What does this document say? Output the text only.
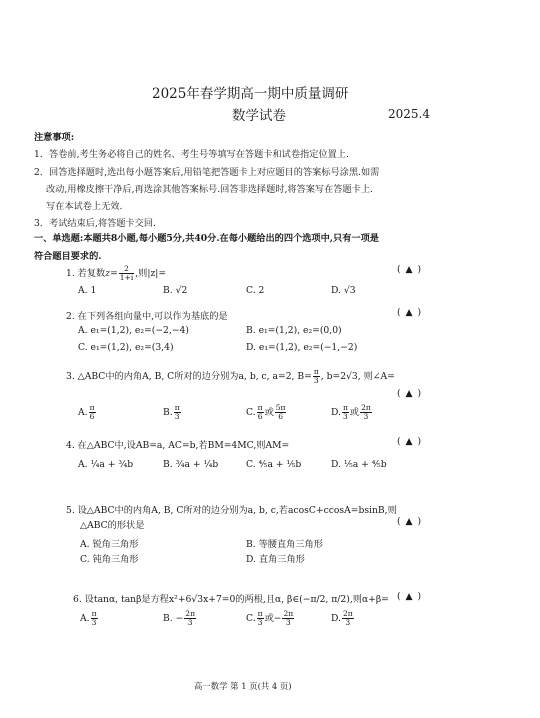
2025年春学期高一期中质量调研
数学试卷	2025.4
注意事项:
1．答卷前,考生务必将自己的姓名、考生号等填写在答题卡和试卷指定位置上.
2．回答选择题时,选出每小题答案后,用铅笔把答题卡上对应题目的答案标号涂黑.如需
改动,用橡皮擦干净后,再选涂其他答案标号.回答非选择题时,将答案写在答题卡上.
写在本试卷上无效.
3．考试结束后,将答题卡交回.
一、单选题:本题共8小题,每小题5分,共40分.在每小题给出的四个选项中,只有一项是
符合题目要求的.
1. 若复数$z= \frac{2}{1+i}$ ,则|z|=	( ▲ )
A. 1	B. √2	C. 2	D. √3
2. 在下列各组向量中,可以作为基底的是	( ▲ )
A. e₁=(1,2), e₂=(−2,−4)	B. e₁=(1,2), e₂=(0,0)
C. e₁=(1,2), e₂=(3,4)	D. e₁=(1,2), e₂=(−1,−2)
3. △ABC中的内角A, B, C所对的边分别为a, b, c, a=2, $B= \frac{\pi}{3}$ , b=2√3, 则∠A=
( ▲ )
A. $\frac{\pi}{6}$	B. $\frac{\pi}{3}$	C. $\frac{\pi}{6}$ 或 $\frac{5\pi}{6}$	D. $\frac{\pi}{3}$ 或 $\frac{2\pi}{3}$
4. 在△ABC中,设AB=a, AC=b,若BM=4MC,则AM=	( ▲ )
A. ¼a + ¾b	B. ¾a + ¼b	C. ⅘a + ⅕b	D. ⅕a + ⅘b
5. 设△ABC中的内角A, B, C所对的边分别为a, b, c,若acosC+ccosA=bsinB,则
△ABC的形状是	( ▲ )
A. 锐角三角形	B. 等腰直角三角形
C. 钝角三角形	D. 直角三角形
6. 设tanα, tanβ是方程x²+6√3x+7=0的两根,且α, β∈(−π/2, π/2),则α+β= ( ▲ )
A. $\frac{\pi}{3}$	B. − $\frac{2\pi}{3}$	C. $\frac{\pi}{3}$ 或− $\frac{2\pi}{3}$	D. $\frac{2\pi}{3}$
高一数学 第 1 页(共 4 页)
